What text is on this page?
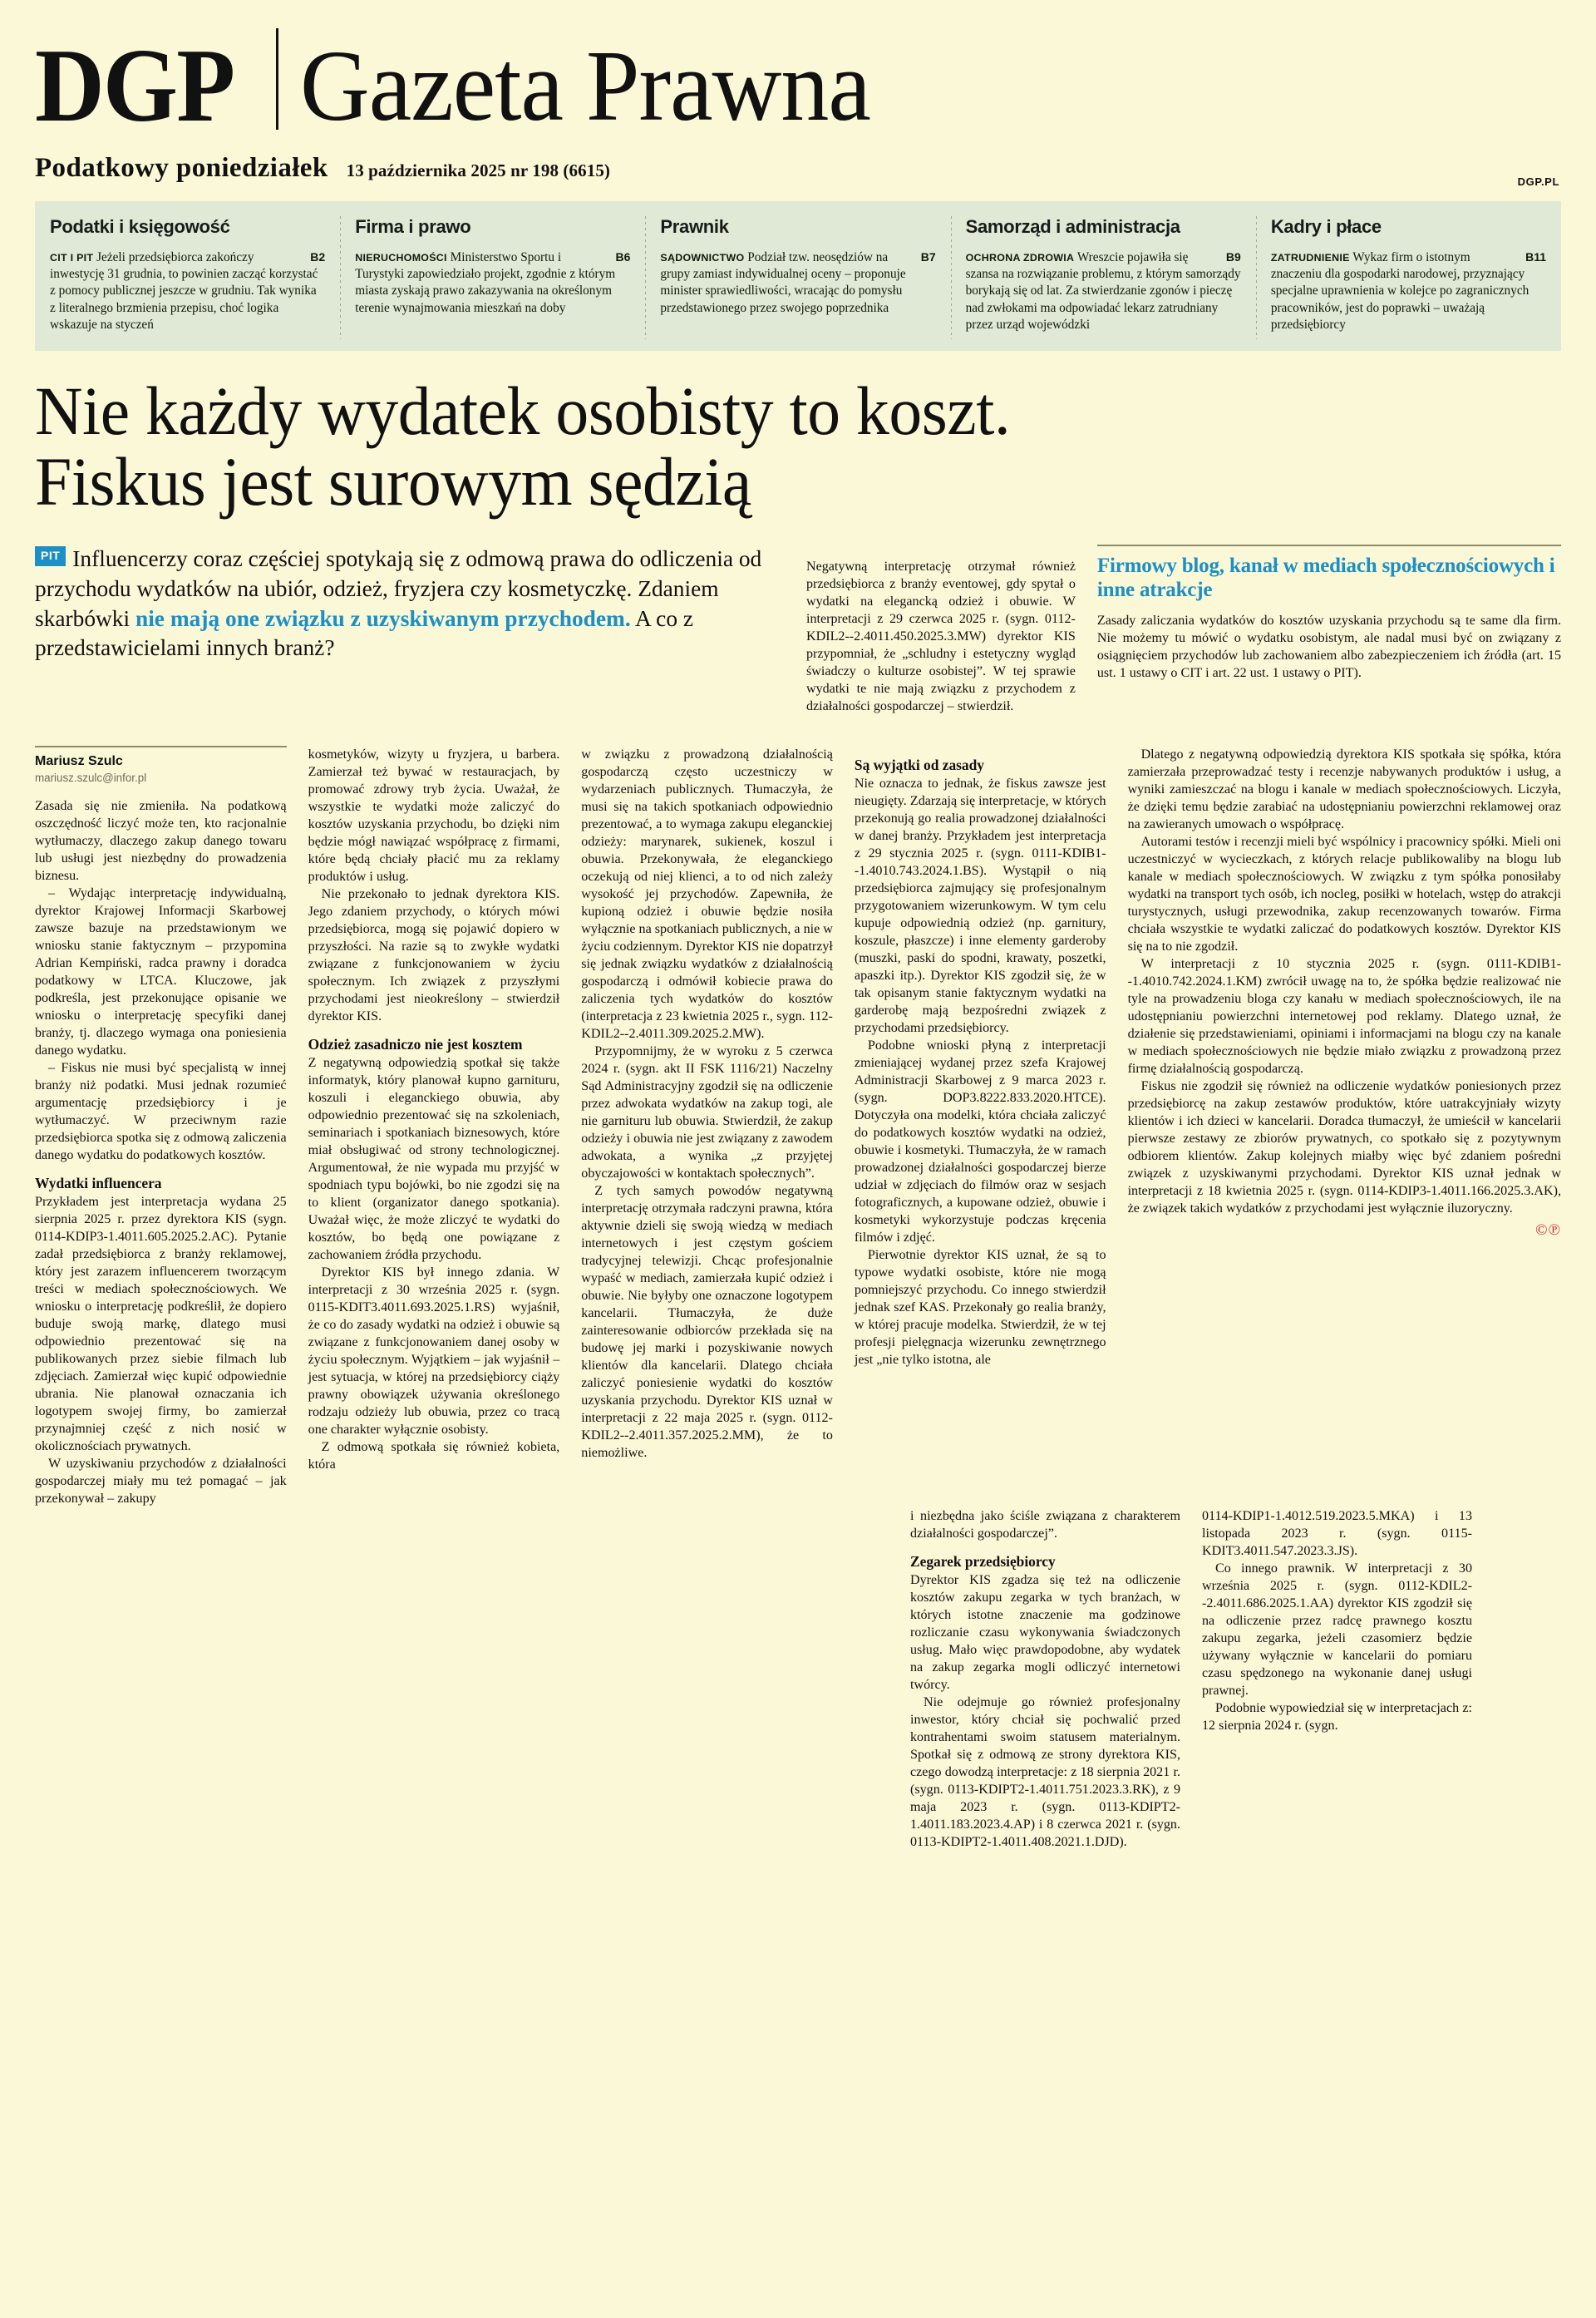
DGP Gazeta Prawna
Podatkowy poniedziałek 13 października 2025 nr 198 (6615)
DGP.PL
Podatki i księgowość

B2
CIT I PIT Jeżeli przedsiębiorca zakończy inwestycję 31 grudnia, to powinien zacząć korzystać z pomocy publicznej jeszcze w grudniu. Tak wynika z literalnego brzmienia przepisu, choć logika wskazuje na styczeń

Firma i prawo

B6
NIERUCHOMOŚCI Ministerstwo Sportu i Turystyki zapowiedziało projekt, zgodnie z którym miasta zyskają prawo zakazywania na określonym terenie wynajmowania mieszkań na doby

Prawnik

B7
SĄDOWNICTWO Podział tzw. neosędziów na grupy zamiast indywidualnej oceny – proponuje minister sprawiedliwości, wracając do pomysłu przedstawionego przez swojego poprzednika

Samorząd i administracja

B9
OCHRONA ZDROWIA Wreszcie pojawiła się szansa na rozwiązanie problemu, z którym samorządy borykają się od lat. Za stwierdzanie zgonów i pieczę nad zwłokami ma odpowiadać lekarz zatrudniany przez urząd wojewódzki

Kadry i płace

B11
ZATRUDNIENIE Wykaz firm o istotnym znaczeniu dla gospodarki narodowej, przyznający specjalne uprawnienia w kolejce po zagranicznych pracowników, jest do poprawki – uważają przedsiębiorcy

Nie każdy wydatek osobisty to koszt.
Fiskus jest surowym sędzią
PIT Influencerzy coraz częściej spotykają się z odmową prawa do odliczenia od przychodu wydatków na ubiór, odzież, fryzjera czy kosmetyczkę. Zdaniem skarbówki nie mają one związku z uzyskiwanym przychodem. A co z przedstawicielami innych branż?

Negatywną interpretację otrzymał również przedsiębiorca z branży eventowej, gdy spytał o wydatki na elegancką odzież i obuwie. W interpretacji z 29 czerwca 2025 r. (sygn. 0112-KDIL2--2.4011.450.2025.3.MW) dyrektor KIS przypomniał, że „schludny i estetyczny wygląd świadczy o kulturze osobistej”. W tej sprawie wydatki te nie mają związku z przychodem z działalności gospodarczej – stwierdził.

Firmowy blog, kanał w mediach społecznościowych i inne atrakcje

Zasady zaliczania wydatków do kosztów uzyskania przychodu są te same dla firm. Nie możemy tu mówić o wydatku osobistym, ale nadal musi być on związany z osiągnięciem przychodów lub zachowaniem albo zabezpieczeniem ich źródła (art. 15 ust. 1 ustawy o CIT i art. 22 ust. 1 ustawy o PIT).

Mariusz Szulc
mariusz.szulc@infor.pl

Zasada się nie zmieniła. Na podatkową oszczędność liczyć może ten, kto racjonalnie wytłumaczy, dlaczego zakup danego towaru lub usługi jest niezbędny do prowadzenia biznesu.

– Wydając interpretację indywidualną, dyrektor Krajowej Informacji Skarbowej zawsze bazuje na przedstawionym we wniosku stanie faktycznym – przypomina Adrian Kempiński, radca prawny i doradca podatkowy w LTCA. Kluczowe, jak podkreśla, jest przekonujące opisanie we wniosku o interpretację specyfiki danej branży, tj. dlaczego wymaga ona poniesienia danego wydatku.

– Fiskus nie musi być specjalistą w innej branży niż podatki. Musi jednak rozumieć argumentację przedsiębiorcy i je wytłumaczyć. W przeciwnym razie przedsiębiorca spotka się z odmową zaliczenia danego wydatku do podatkowych kosztów.

Wydatki influencera

Przykładem jest interpretacja wydana 25 sierpnia 2025 r. przez dyrektora KIS (sygn. 0114-KDIP3-1.4011.605.2025.2.AC). Pytanie zadał przedsiębiorca z branży reklamowej, który jest zarazem influencerem tworzącym treści w mediach społecznościowych. We wniosku o interpretację podkreślił, że dopiero buduje swoją markę, dlatego musi odpowiednio prezentować się na publikowanych przez siebie filmach lub zdjęciach. Zamierzał więc kupić odpowiednie ubrania. Nie planował oznaczania ich logotypem swojej firmy, bo zamierzał przynajmniej część z nich nosić w okolicznościach prywatnych.

W uzyskiwaniu przychodów z działalności gospodarczej miały mu też pomagać – jak przekonywał – zakupy

kosmetyków, wizyty u fryzjera, u barbera. Zamierzał też bywać w restauracjach, by promować zdrowy tryb życia. Uważał, że wszystkie te wydatki może zaliczyć do kosztów uzyskania przychodu, bo dzięki nim będzie mógł nawiązać współpracę z firmami, które będą chciały płacić mu za reklamy produktów i usług.

Nie przekonało to jednak dyrektora KIS. Jego zdaniem przychody, o których mówi przedsiębiorca, mogą się pojawić dopiero w przyszłości. Na razie są to zwykłe wydatki związane z funkcjonowaniem w życiu społecznym. Ich związek z przyszłymi przychodami jest nieokreślony – stwierdził dyrektor KIS.

Odzież zasadniczo nie jest kosztem

Z negatywną odpowiedzią spotkał się także informatyk, który planował kupno garnituru, koszuli i eleganckiego obuwia, aby odpowiednio prezentować się na szkoleniach, seminariach i spotkaniach biznesowych, które miał obsługiwać od strony technologicznej. Argumentował, że nie wypada mu przyjść w spodniach typu bojówki, bo nie zgodzi się na to klient (organizator danego spotkania). Uważał więc, że może zliczyć te wydatki do kosztów, bo będą one powiązane z zachowaniem źródła przychodu.

Dyrektor KIS był innego zdania. W interpretacji z 30 września 2025 r. (sygn. 0115-KDIT3.4011.693.2025.1.RS) wyjaśnił, że co do zasady wydatki na odzież i obuwie są związane z funkcjonowaniem danej osoby w życiu społecznym. Wyjątkiem – jak wyjaśnił – jest sytuacja, w której na przedsiębiorcy ciąży prawny obowiązek używania określonego rodzaju odzieży lub obuwia, przez co tracą one charakter wyłącznie osobisty.

Z odmową spotkała się również kobieta, która

w związku z prowadzoną działalnością gospodarczą często uczestniczy w wydarzeniach publicznych. Tłumaczyła, że musi się na takich spotkaniach odpowiednio prezentować, a to wymaga zakupu eleganckiej odzieży: marynarek, sukienek, koszul i obuwia. Przekonywała, że eleganckiego oczekują od niej klienci, a to od nich zależy wysokość jej przychodów. Zapewniła, że kupioną odzież i obuwie będzie nosiła wyłącznie na spotkaniach publicznych, a nie w życiu codziennym. Dyrektor KIS nie dopatrzył się jednak związku wydatków z działalnością gospodarczą i odmówił kobiecie prawa do zaliczenia tych wydatków do kosztów (interpretacja z 23 kwietnia 2025 r., sygn. 112-KDIL2--2.4011.309.2025.2.MW).

Przypomnijmy, że w wyroku z 5 czerwca 2024 r. (sygn. akt II FSK 1116/21) Naczelny Sąd Administracyjny zgodził się na odliczenie przez adwokata wydatków na zakup togi, ale nie garnituru lub obuwia. Stwierdził, że zakup odzieży i obuwia nie jest związany z zawodem adwokata, a wynika „z przyjętej obyczajowości w kontaktach społecznych”.

Z tych samych powodów negatywną interpretację otrzymała radczyni prawna, która aktywnie dzieli się swoją wiedzą w mediach internetowych i jest częstym gościem tradycyjnej telewizji. Chcąc profesjonalnie wypaść w mediach, zamierzała kupić odzież i obuwie. Nie byłyby one oznaczone logotypem kancelarii. Tłumaczyła, że duże zainteresowanie odbiorców przekłada się na budowę jej marki i pozyskiwanie nowych klientów dla kancelarii. Dlatego chciała zaliczyć poniesienie wydatki do kosztów uzyskania przychodu. Dyrektor KIS uznał w interpretacji z 22 maja 2025 r. (sygn. 0112-KDIL2--2.4011.357.2025.2.MM), że to niemożliwe.

Są wyjątki od zasady

Nie oznacza to jednak, że fiskus zawsze jest nieugięty. Zdarzają się interpretacje, w których przekonują go realia prowadzonej działalności w danej branży. Przykładem jest interpretacja z 29 stycznia 2025 r. (sygn. 0111-KDIB1--1.4010.743.2024.1.BS). Wystąpił o nią przedsiębiorca zajmujący się profesjonalnym przygotowaniem wizerunkowym. W tym celu kupuje odpowiednią odzież (np. garnitury, koszule, płaszcze) i inne elementy garderoby (muszki, paski do spodni, krawaty, poszetki, apaszki itp.). Dyrektor KIS zgodził się, że w tak opisanym stanie faktycznym wydatki na garderobę mają bezpośredni związek z przychodami przedsiębiorcy.

Podobne wnioski płyną z interpretacji zmieniającej wydanej przez szefa Krajowej Administracji Skarbowej z 9 marca 2023 r. (sygn. DOP3.8222.833.2020.HTCE). Dotyczyła ona modelki, która chciała zaliczyć do podatkowych kosztów wydatki na odzież, obuwie i kosmetyki. Tłumaczyła, że w ramach prowadzonej działalności gospodarczej bierze udział w zdjęciach do filmów oraz w sesjach fotograficznych, a kupowane odzież, obuwie i kosmetyki wykorzystuje podczas kręcenia filmów i zdjęć.

Pierwotnie dyrektor KIS uznał, że są to typowe wydatki osobiste, które nie mogą pomniejszyć przychodu. Co innego stwierdził jednak szef KAS. Przekonały go realia branży, w której pracuje modelka. Stwierdził, że w tej profesji pielęgnacja wizerunku zewnętrznego jest „nie tylko istotna, ale

Dlatego z negatywną odpowiedzią dyrektora KIS spotkała się spółka, która zamierzała przeprowadzać testy i recenzje nabywanych produktów i usług, a wyniki zamieszczać na blogu i kanale w mediach społecznościowych. Liczyła, że dzięki temu będzie zarabiać na udostępnianiu powierzchni reklamowej oraz na zawieranych umowach o współpracę.

Autorami testów i recenzji mieli być wspólnicy i pracownicy spółki. Mieli oni uczestniczyć w wycieczkach, z których relacje publikowaliby na blogu lub kanale w mediach społecznościowych. W związku z tym spółka ponosiłaby wydatki na transport tych osób, ich nocleg, posiłki w hotelach, wstęp do atrakcji turystycznych, usługi przewodnika, zakup recenzowanych towarów. Firma chciała wszystkie te wydatki zaliczać do podatkowych kosztów. Dyrektor KIS się na to nie zgodził.

W interpretacji z 10 stycznia 2025 r. (sygn. 0111-KDIB1--1.4010.742.2024.1.KM) zwrócił uwagę na to, że spółka będzie realizować nie tyle na prowadzeniu bloga czy kanału w mediach społecznościowych, ile na udostępnianiu powierzchni internetowej pod reklamy. Dlatego uznał, że działenie się przedstawieniami, opiniami i informacjami na blogu czy na kanale w mediach społecznościowych nie będzie miało związku z prowadzoną przez firmę działalnością gospodarczą.

Fiskus nie zgodził się również na odliczenie wydatków poniesionych przez przedsiębiorcę na zakup zestawów produktów, które uatrakcyjniały wizyty klientów i ich dzieci w kancelarii. Doradca tłumaczył, że umieścił w kancelarii pierwsze zestawy ze zbiorów prywatnych, co spotkało się z pozytywnym odbiorem klientów. Zakup kolejnych miałby więc być zdaniem pośredni związek z uzyskiwanymi przychodami. Dyrektor KIS uznał jednak w interpretacji z 18 kwietnia 2025 r. (sygn. 0114-KDIP3-1.4011.166.2025.3.AK), że związek takich wydatków z przychodami jest wyłącznie iluzoryczny.

©℗

i niezbędna jako ściśle związana z charakterem działalności gospodarczej”.

Zegarek przedsiębiorcy

Dyrektor KIS zgadza się też na odliczenie kosztów zakupu zegarka w tych branżach, w których istotne znaczenie ma godzinowe rozliczanie czasu wykonywania świadczonych usług. Mało więc prawdopodobne, aby wydatek na zakup zegarka mogli odliczyć internetowi twórcy.

Nie odejmuje go również profesjonalny inwestor, który chciał się pochwalić przed kontrahentami swoim statusem materialnym. Spotkał się z odmową ze strony dyrektora KIS, czego dowodzą interpretacje: z 18 sierpnia 2021 r. (sygn. 0113-KDIPT2-1.4011.751.2023.3.RK), z 9 maja 2023 r. (sygn. 0113-KDIPT2-1.4011.183.2023.4.AP) i 8 czerwca 2021 r. (sygn. 0113-KDIPT2-1.4011.408.2021.1.DJD).

0114-KDIP1-1.4012.519.2023.5.MKA) i 13 listopada 2023 r. (sygn. 0115-KDIT3.4011.547.2023.3.JS).

Co innego prawnik. W interpretacji z 30 września 2025 r. (sygn. 0112-KDIL2--2.4011.686.2025.1.AA) dyrektor KIS zgodził się na odliczenie przez radcę prawnego kosztu zakupu zegarka, jeżeli czasomierz będzie używany wyłącznie w kancelarii do pomiaru czasu spędzonego na wykonanie danej usługi prawnej.

Podobnie wypowiedział się w interpretacjach z: 12 sierpnia 2024 r. (sygn.
